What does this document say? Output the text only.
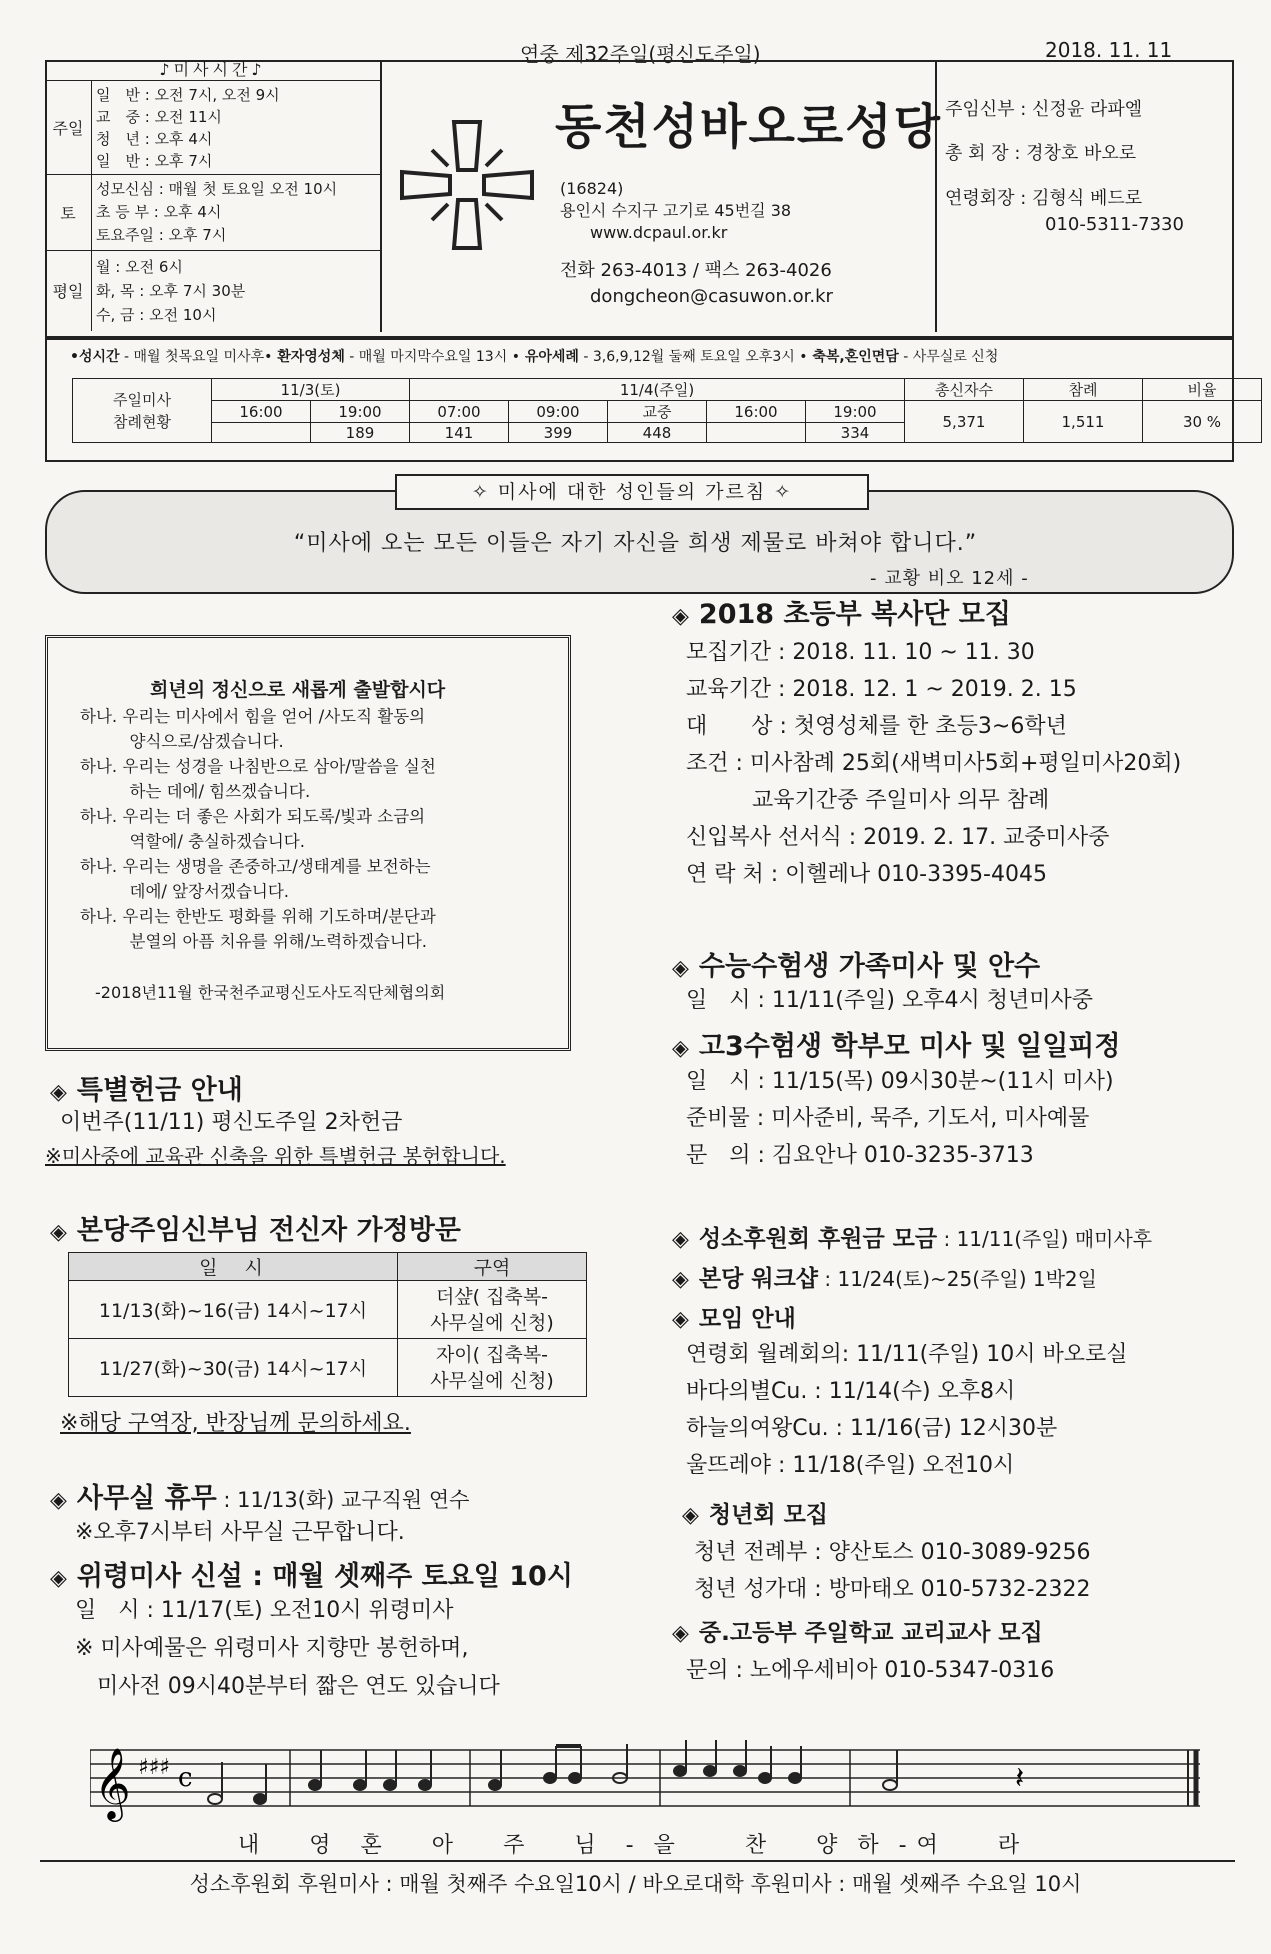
연중 제32주일(평신도주일)	2018. 11. 11
♪미사시간♪
주일	일　반 : 오전 7시, 오전 9시
교　중 : 오전 11시
청　년 : 오후 4시
일　반 : 오후 7시

토	성모신심 : 매월 첫 토요일 오전 10시
초 등 부 : 오후 4시
토요주일 : 오후 7시

평일	월 : 오전 6시
화, 목 : 오후 7시 30분
수, 금 : 오전 10시
동천성바오로성당
(16824)
용인시 수지구 고기로 45번길 38
www.dcpaul.or.kr
전화 263-4013 / 팩스 263-4026
dongcheon@casuwon.or.kr
주임신부 : 신정윤 라파엘
총 회 장 : 경창호 바오로
연령회장 : 김형식 베드로
010-5311-7330
•성시간 - 매월 첫목요일 미사후• 환자영성체 - 매월 마지막수요일 13시 • 유아세례 - 3,6,9,12월 둘째 토요일 오후3시 • 축복,혼인면담 - 사무실로 신청
주일미사
참례현황	11/3(토)		11/4(주일)					총신자수	참례	비율
	16:00	19:00	07:00	09:00	교중	16:00	19:00	5,371	1,511	30 %
		189	141	399	448		334			
✧ 미사에 대한 성인들의 가르침 ✧
“미사에 오는 모든 이들은 자기 자신을 희생 제물로 바쳐야 합니다.”
- 교황 비오 12세 -
희년의 정신으로 새롭게 출발합시다
하나. 우리는 미사에서 힘을 얻어 /사도직 활동의
　　　양식으로/삼겠습니다.
하나. 우리는 성경을 나침반으로 삼아/말씀을 실천
　　　하는 데에/ 힘쓰겠습니다.
하나. 우리는 더 좋은 사회가 되도록/빛과 소금의
　　　역할에/ 충실하겠습니다.
하나. 우리는 생명을 존중하고/생태계를 보전하는
　　　데에/ 앞장서겠습니다.
하나. 우리는 한반도 평화를 위해 기도하며/분단과
　　　분열의 아픔 치유를 위해/노력하겠습니다.
-2018년11월 한국천주교평신도사도직단체협의회
◈ 특별헌금 안내
이번주(11/11) 평신도주일 2차헌금
※미사중에 교육관 신축을 위한 특별헌금 봉헌합니다.
◈ 본당주임신부님 전신자 가정방문
일　시	구역
11/13(화)~16(금) 14시~17시	더샾( 집축복-
사무실에 신청)

11/27(화)~30(금) 14시~17시	자이( 집축복-
사무실에 신청)
※해당 구역장, 반장님께 문의하세요.
◈ 사무실 휴무 : 11/13(화) 교구직원 연수
※오후7시부터 사무실 근무합니다.
◈ 위령미사 신설 : 매월 셋째주 토요일 10시
일　시 : 11/17(토) 오전10시 위령미사
※ 미사예물은 위령미사 지향만 봉헌하며,
　미사전 09시40분부터 짧은 연도 있습니다
◈ 2018 초등부 복사단 모집
모집기간 : 2018. 11. 10 ~ 11. 30
교육기간 : 2018. 12. 1 ~ 2019. 2. 15
대　　상 : 첫영성체를 한 초등3~6학년
조건 : 미사참례 25회(새벽미사5회+평일미사20회)
　　　교육기간중 주일미사 의무 참례
신입복사 선서식 : 2019. 2. 17. 교중미사중
연 락 처 : 이헬레나 010-3395-4045
◈ 수능수험생 가족미사 및 안수
일　시 : 11/11(주일) 오후4시 청년미사중
◈ 고3수험생 학부모 미사 및 일일피정
일　시 : 11/15(목) 09시30분~(11시 미사)
준비물 : 미사준비, 묵주, 기도서, 미사예물
문　의 : 김요안나 010-3235-3713
◈ 성소후원회 후원금 모금 : 11/11(주일) 매미사후
◈ 본당 워크샵 : 11/24(토)~25(주일) 1박2일
◈ 모임 안내
연령회 월례회의: 11/11(주일) 10시 바오로실
바다의별Cu. : 11/14(수) 오후8시
하늘의여왕Cu. : 11/16(금) 12시30분
울뜨레야 : 11/18(주일) 오전10시
◈ 청년회 모집
청년 전례부 : 양산토스 010-3089-9256
청년 성가대 : 방마태오 010-5732-2322
◈ 중.고등부 주일학교 교리교사 모집
문의 : 노에우세비아 010-5347-0316
𝄞 ♯♯♯ c	𝄽
내 영 혼 아 주 님 - 을	찬 양 하 - 여	라
성소후원회 후원미사 : 매월 첫째주 수요일10시 / 바오로대학 후원미사 : 매월 셋째주 수요일 10시
